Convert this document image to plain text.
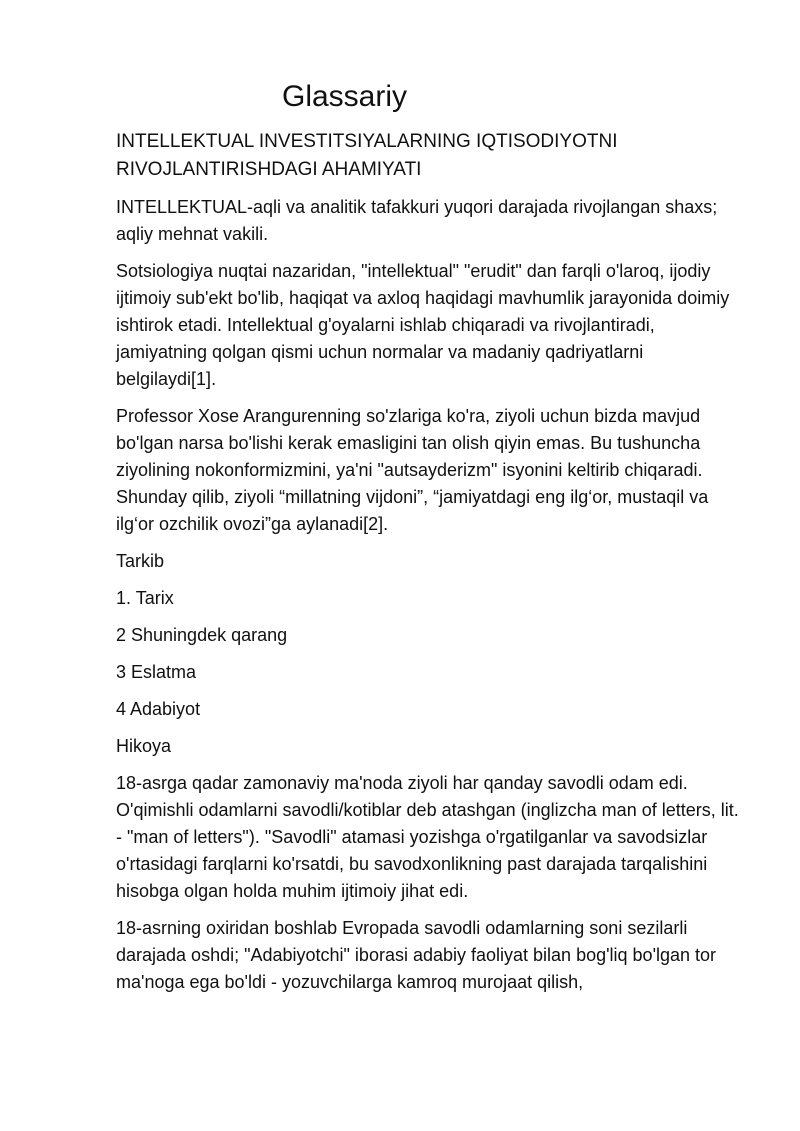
Glassariy
INTELLEKTUAL INVESTITSIYALARNING IQTISODIYOTNI
RIVOJLANTIRISHDAGI AHAMIYATI

INTELLEKTUAL-aqli va analitik tafakkuri yuqori darajada rivojlangan shaxs; aqliy mehnat vakili.

Sotsiologiya nuqtai nazaridan, "intellektual" "erudit" dan farqli o'laroq, ijodiy ijtimoiy sub'ekt bo'lib, haqiqat va axloq haqidagi mavhumlik jarayonida doimiy ishtirok etadi. Intellektual g'oyalarni ishlab chiqaradi va rivojlantiradi, jamiyatning qolgan qismi uchun normalar va madaniy qadriyatlarni belgilaydi[1].

Professor Xose Arangurenning so'zlariga ko'ra, ziyoli uchun bizda mavjud bo'lgan narsa bo'lishi kerak emasligini tan olish qiyin emas. Bu tushuncha ziyolining nokonformizmini, ya'ni "autsayderizm" isyonini keltirib chiqaradi. Shunday qilib, ziyoli “millatning vijdoni”, “jamiyatdagi eng ilg‘or, mustaqil va ilg‘or ozchilik ovozi”ga aylanadi[2].

Tarkib

1. Tarix

2 Shuningdek qarang

3 Eslatma

4 Adabiyot

Hikoya

18-asrga qadar zamonaviy ma'noda ziyoli har qanday savodli odam edi. O'qimishli odamlarni savodli/kotiblar deb atashgan (inglizcha man of letters, lit. - "man of letters"). "Savodli" atamasi yozishga o'rgatilganlar va savodsizlar o'rtasidagi farqlarni ko'rsatdi, bu savodxonlikning past darajada tarqalishini hisobga olgan holda muhim ijtimoiy jihat edi.

18-asrning oxiridan boshlab Evropada savodli odamlarning soni sezilarli darajada oshdi; "Adabiyotchi" iborasi adabiy faoliyat bilan bog'liq bo'lgan tor ma'noga ega bo'ldi - yozuvchilarga kamroq murojaat qilish,
